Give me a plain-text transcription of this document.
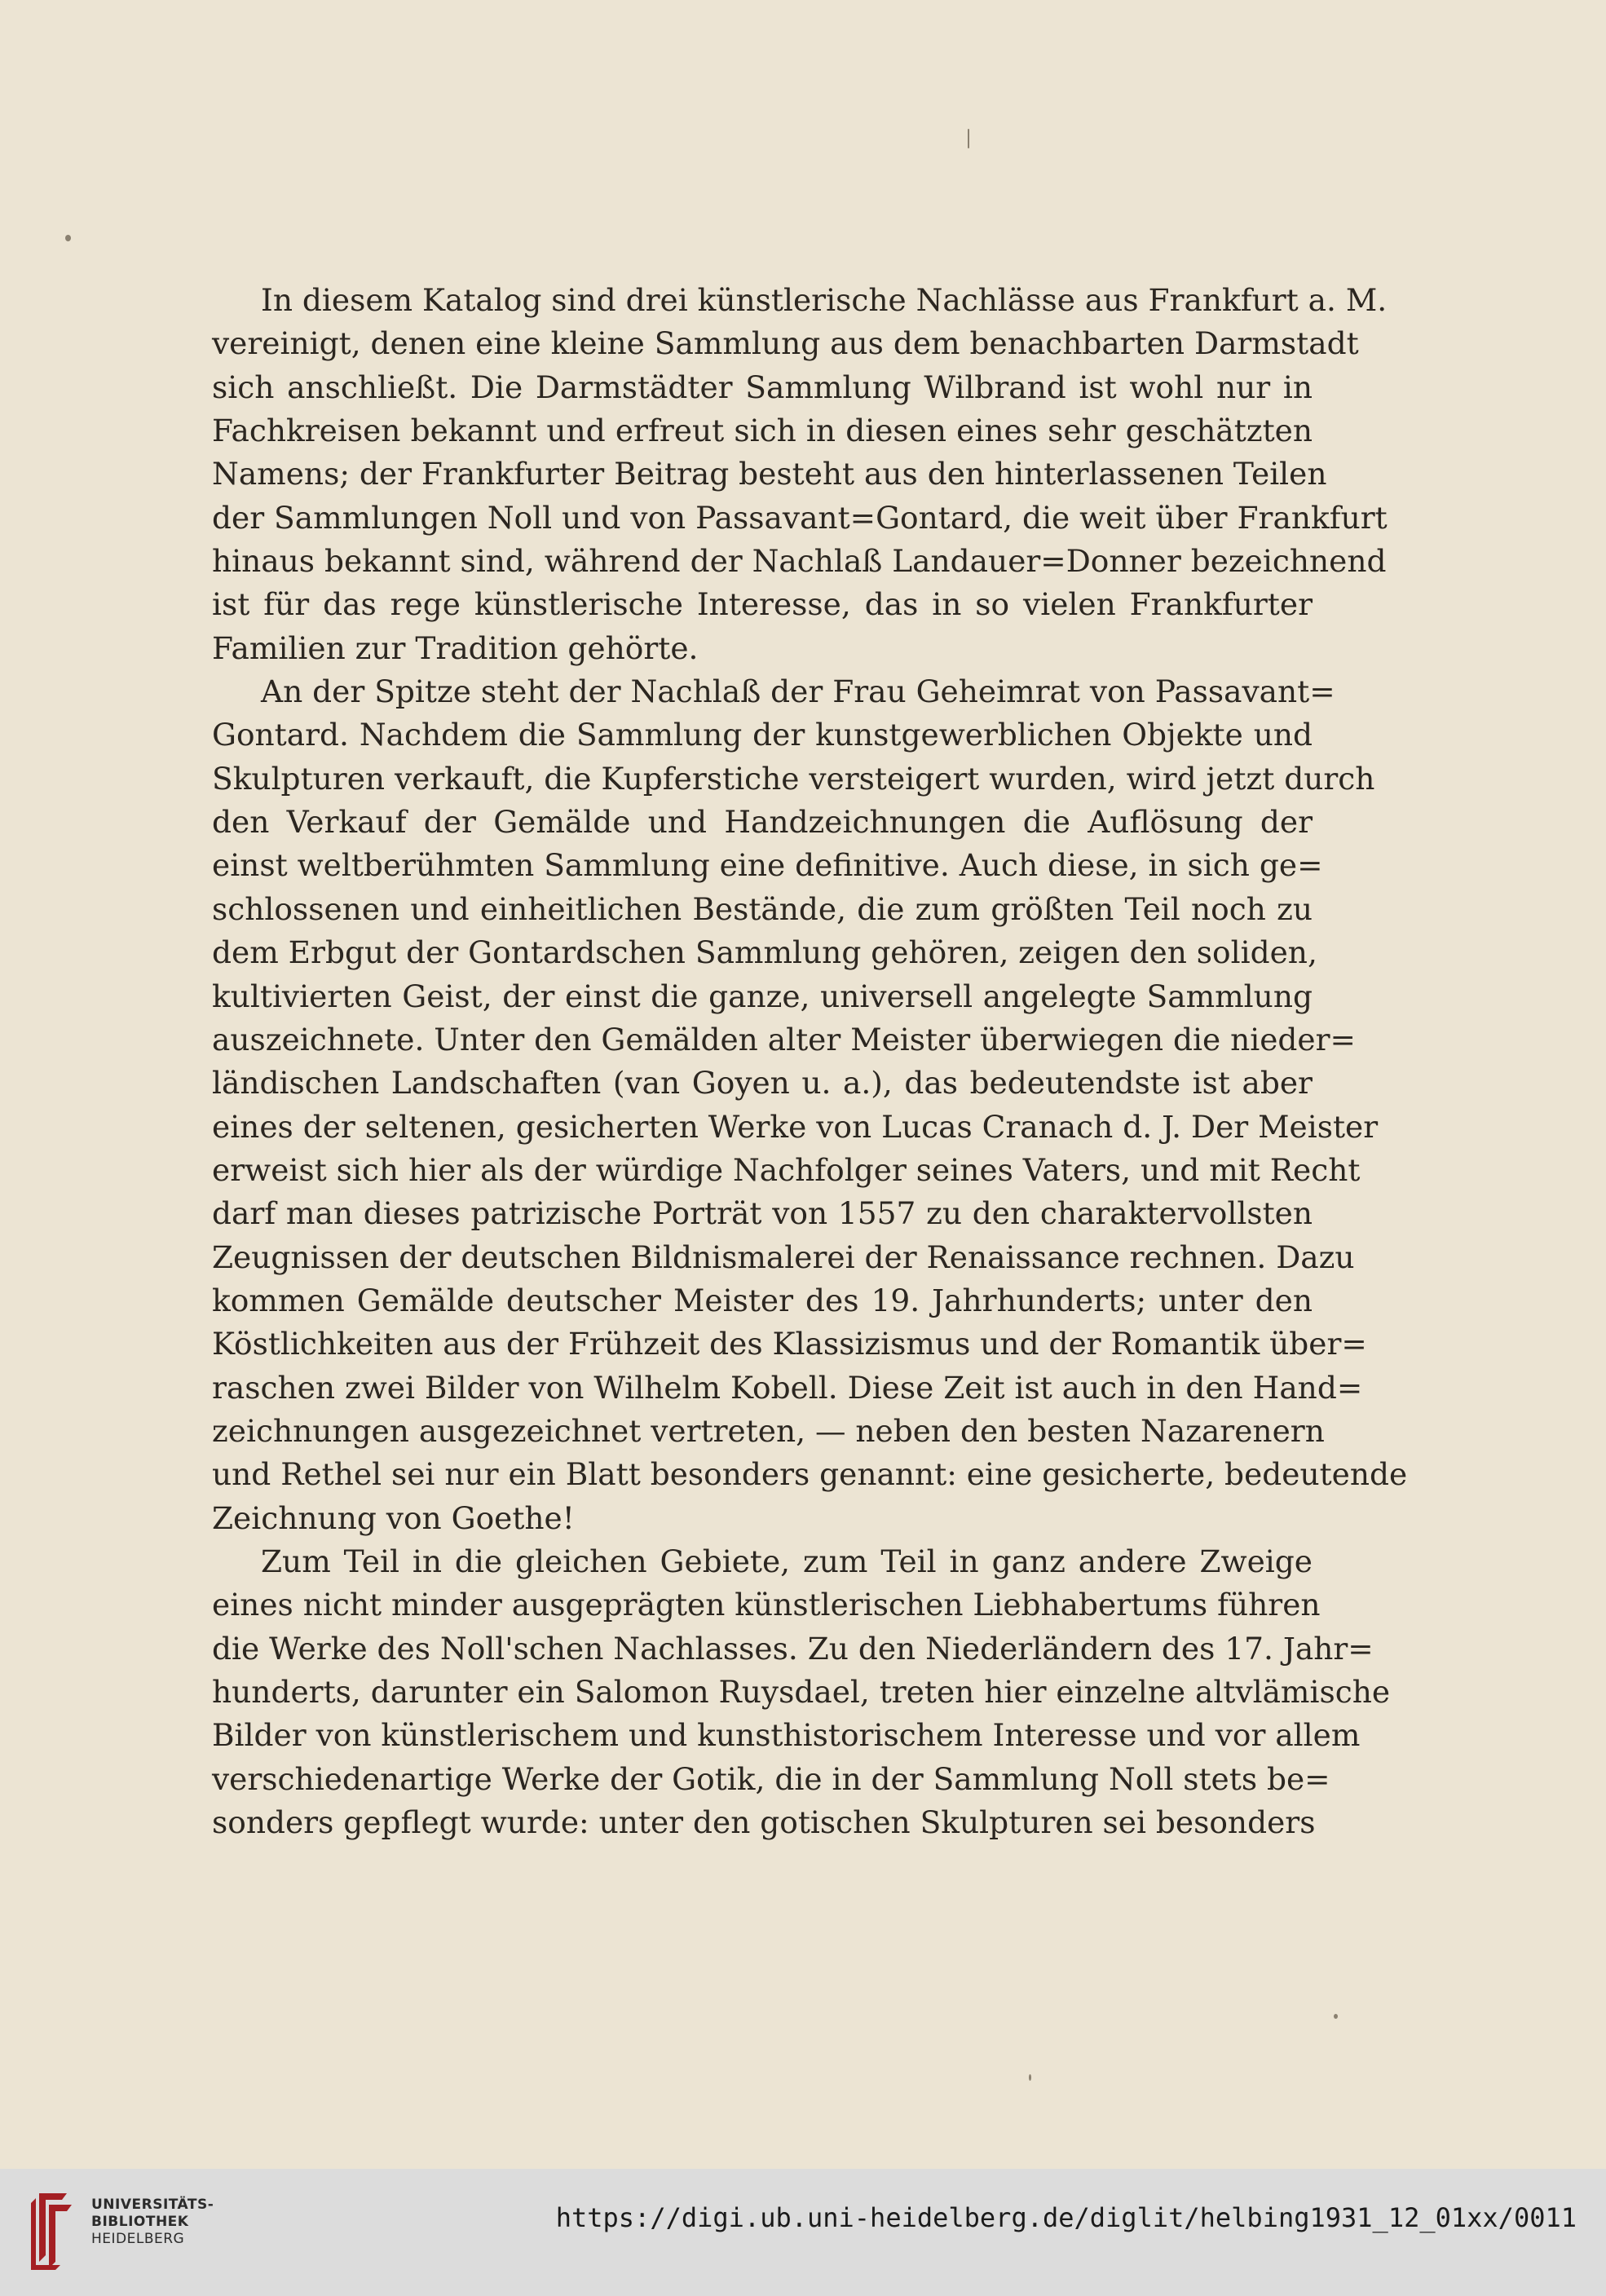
In diesem Katalog sind drei künstlerische Nachlässe aus Frankfurt a. M.
vereinigt, denen eine kleine Sammlung aus dem benachbarten Darmstadt
sich anschließt. Die Darmstädter Sammlung Wilbrand ist wohl nur in
Fachkreisen bekannt und erfreut sich in diesen eines sehr geschätzten
Namens; der Frankfurter Beitrag besteht aus den hinterlassenen Teilen
der Sammlungen Noll und von Passavant=Gontard, die weit über Frankfurt
hinaus bekannt sind, während der Nachlaß Landauer=Donner bezeichnend
ist für das rege künstlerische Interesse, das in so vielen Frankfurter
Familien zur Tradition gehörte.
An der Spitze steht der Nachlaß der Frau Geheimrat von Passavant=
Gontard. Nachdem die Sammlung der kunstgewerblichen Objekte und
Skulpturen verkauft, die Kupferstiche versteigert wurden, wird jetzt durch
den Verkauf der Gemälde und Handzeichnungen die Auflösung der
einst weltberühmten Sammlung eine definitive. Auch diese, in sich ge=
schlossenen und einheitlichen Bestände, die zum größten Teil noch zu
dem Erbgut der Gontardschen Sammlung gehören, zeigen den soliden,
kultivierten Geist, der einst die ganze, universell angelegte Sammlung
auszeichnete. Unter den Gemälden alter Meister überwiegen die nieder=
ländischen Landschaften (van Goyen u. a.), das bedeutendste ist aber
eines der seltenen, gesicherten Werke von Lucas Cranach d. J. Der Meister
erweist sich hier als der würdige Nachfolger seines Vaters, und mit Recht
darf man dieses patrizische Porträt von 1557 zu den charaktervollsten
Zeugnissen der deutschen Bildnismalerei der Renaissance rechnen. Dazu
kommen Gemälde deutscher Meister des 19. Jahrhunderts; unter den
Köstlichkeiten aus der Frühzeit des Klassizismus und der Romantik über=
raschen zwei Bilder von Wilhelm Kobell. Diese Zeit ist auch in den Hand=
zeichnungen ausgezeichnet vertreten, — neben den besten Nazarenern
und Rethel sei nur ein Blatt besonders genannt: eine gesicherte, bedeutende
Zeichnung von Goethe!
Zum Teil in die gleichen Gebiete, zum Teil in ganz andere Zweige
eines nicht minder ausgeprägten künstlerischen Liebhabertums führen
die Werke des Noll'schen Nachlasses. Zu den Niederländern des 17. Jahr=
hunderts, darunter ein Salomon Ruysdael, treten hier einzelne altvlämische
Bilder von künstlerischem und kunsthistorischem Interesse und vor allem
verschiedenartige Werke der Gotik, die in der Sammlung Noll stets be=
sonders gepflegt wurde: unter den gotischen Skulpturen sei besonders
UNIVERSITÄTS-
BIBLIOTHEK
HEIDELBERG
https://digi.ub.uni-heidelberg.de/diglit/helbing1931_12_01xx/0011
